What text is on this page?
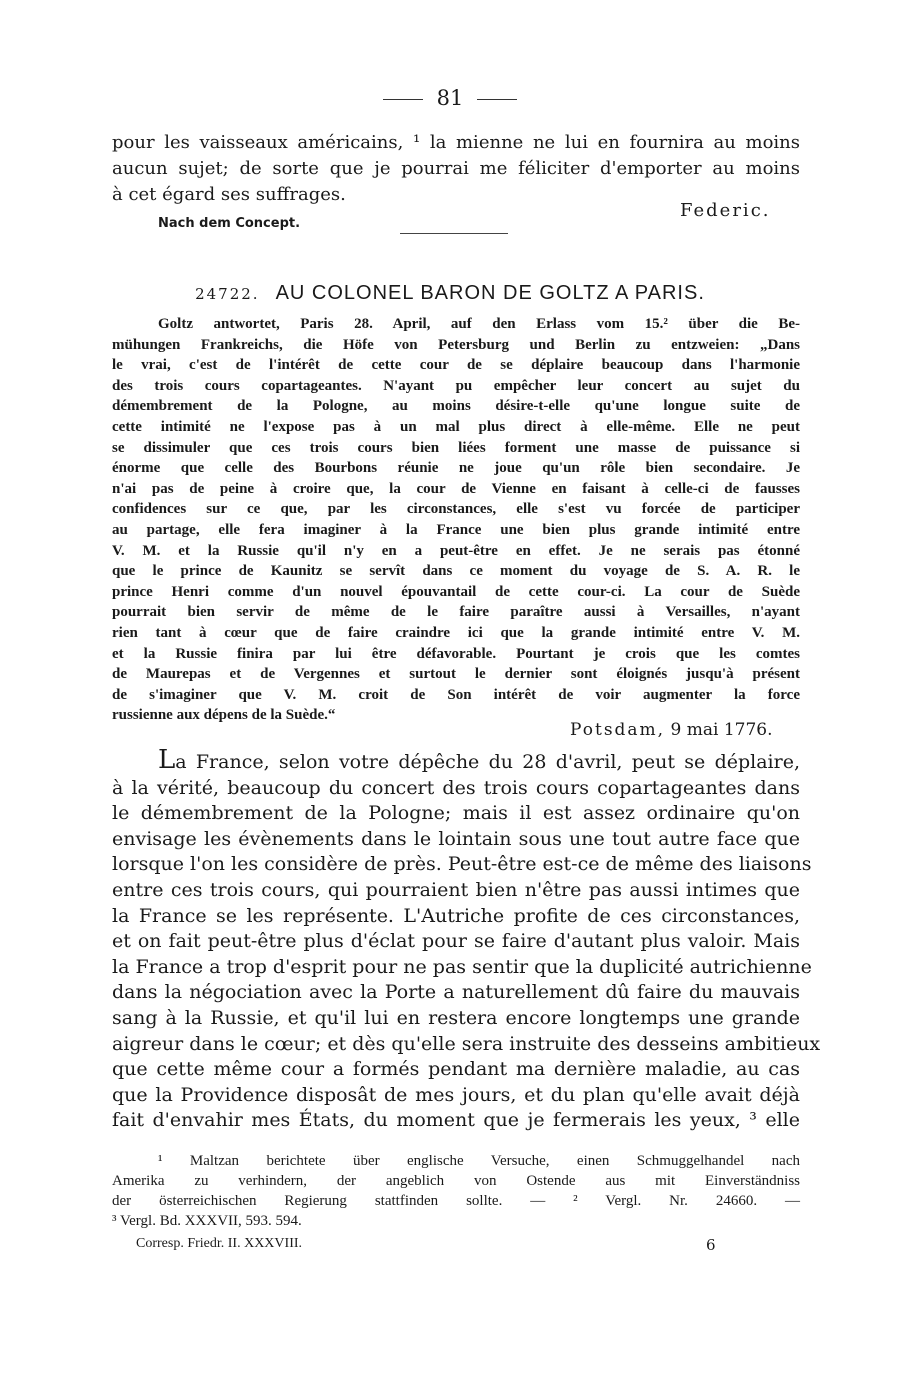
81
pour les vaisseaux américains, ¹ la mienne ne lui en fournira au moins
aucun sujet; de sorte que je pourrai me féliciter d'emporter au moins
à cet égard ses suffrages.
Federic.
Nach dem Concept.
24722. AU COLONEL BARON DE GOLTZ A PARIS.
Goltz antwortet, Paris 28. April, auf den Erlass vom 15.² über die Be-
mühungen Frankreichs, die Höfe von Petersburg und Berlin zu entzweien: „Dans
le vrai, c'est de l'intérêt de cette cour de se déplaire beaucoup dans l'harmonie
des trois cours copartageantes. N'ayant pu empêcher leur concert au sujet du
démembrement de la Pologne, au moins désire-t-elle qu'une longue suite de
cette intimité ne l'expose pas à un mal plus direct à elle-même. Elle ne peut
se dissimuler que ces trois cours bien liées forment une masse de puissance si
énorme que celle des Bourbons réunie ne joue qu'un rôle bien secondaire. Je
n'ai pas de peine à croire que, la cour de Vienne en faisant à celle-ci de fausses
confidences sur ce que, par les circonstances, elle s'est vu forcée de participer
au partage, elle fera imaginer à la France une bien plus grande intimité entre
V. M. et la Russie qu'il n'y en a peut-être en effet. Je ne serais pas étonné
que le prince de Kaunitz se servît dans ce moment du voyage de S. A. R. le
prince Henri comme d'un nouvel épouvantail de cette cour-ci. La cour de Suède
pourrait bien servir de même de le faire paraître aussi à Versailles, n'ayant
rien tant à cœur que de faire craindre ici que la grande intimité entre V. M.
et la Russie finira par lui être défavorable. Pourtant je crois que les comtes
de Maurepas et de Vergennes et surtout le dernier sont éloignés jusqu'à présent
de s'imaginer que V. M. croit de Son intérêt de voir augmenter la force
russienne aux dépens de la Suède.“
Potsdam, 9 mai 1776.
La France, selon votre dépêche du 28 d'avril, peut se déplaire,
à la vérité, beaucoup du concert des trois cours copartageantes dans
le démembrement de la Pologne; mais il est assez ordinaire qu'on
envisage les évènements dans le lointain sous une tout autre face que
lorsque l'on les considère de près. Peut-être est-ce de même des liaisons
entre ces trois cours, qui pourraient bien n'être pas aussi intimes que
la France se les représente. L'Autriche profite de ces circonstances,
et on fait peut-être plus d'éclat pour se faire d'autant plus valoir. Mais
la France a trop d'esprit pour ne pas sentir que la duplicité autrichienne
dans la négociation avec la Porte a naturellement dû faire du mauvais
sang à la Russie, et qu'il lui en restera encore longtemps une grande
aigreur dans le cœur; et dès qu'elle sera instruite des desseins ambitieux
que cette même cour a formés pendant ma dernière maladie, au cas
que la Providence disposât de mes jours, et du plan qu'elle avait déjà
fait d'envahir mes États, du moment que je fermerais les yeux, ³ elle
¹ Maltzan berichtete über englische Versuche, einen Schmuggelhandel nach
Amerika zu verhindern, der angeblich von Ostende aus mit Einverständniss
der österreichischen Regierung stattfinden sollte. — ² Vergl. Nr. 24660. —
³ Vergl. Bd. XXXVII, 593. 594.
Corresp. Friedr. II. XXXVIII.	6
